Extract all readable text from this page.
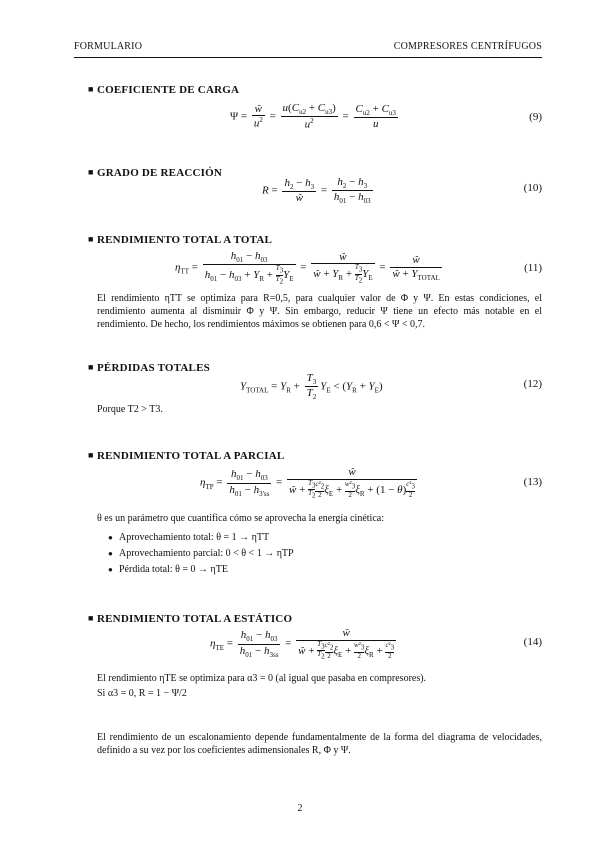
FORMULARIO	COMPRESORES CENTRÍFUGOS
■ COEFICIENTE DE CARGA
$\Psi = \frac{ŵ}{u^2} = \frac{u(C_{u2} + C_{u3})}{u^2} = \frac{C_{u2} + C_{u3}}{u}$	(9)
■ GRADO DE REACCIÓN
$R = \frac{h_2 - h_3}{ŵ} = \frac{h_2 - h_3}{h_{01} - h_{03}}$	(10)
■ RENDIMIENTO TOTAL A TOTAL
$\eta_{TT} = \frac{h_{01} - h_{03}}{h_{01} - h_{03} + Y_R + \frac{T_3}{T_2} Y_E} = \frac{ŵ}{ŵ + Y_R + \frac{T_3}{T_2} Y_E} = \frac{ŵ}{ŵ + Y_{TOTAL}}$	(11)
El rendimiento ηTT se optimiza para R=0,5, para cualquier valor de Φ y Ψ. En estas condiciones, el rendimiento aumenta al disminuir Φ y Ψ. Sin embargo, reducir Ψ tiene un efecto más notable en el rendimiento. De hecho, los rendimientos máximos se obtienen para 0,6 < Ψ < 0,7.
■ PÉRDIDAS TOTALES
$Y_{TOTAL} = Y_R + \frac{T_3}{T_2} Y_E < (Y_R + Y_E)$	(12)
Porque T2 > T3.
■ RENDIMIENTO TOTAL A PARCIAL
$\eta_{TP} = \frac{h_{01} - h_{03}}{h_{01} - h_{3'ss}} = \frac{ŵ}{ŵ + \frac{T_3}{T_2} \frac{c^2_2}{2} \xi_E + \frac{w^2_3}{2} \xi_R + (1 - \theta) \frac{c^2_3}{2}}$	(13)
θ es un parámetro que cuantifica cómo se aprovecha la energía cinética:
● Aprovechamiento total: θ = 1 → ηTT
● Aprovechamiento parcial: 0 < θ < 1 → ηTP
● Pérdida total: θ = 0 → ηTE
■ RENDIMIENTO TOTAL A ESTÁTICO
$\eta_{TE} = \frac{h_{01} - h_{03}}{h_{01} - h_{3ss}} = \frac{ŵ}{ŵ + \frac{T_3}{T_2} \frac{c^2_2}{2} \xi_E + \frac{w^2_3}{2} \xi_R + \frac{c^2_3}{2}}$	(14)
El rendimiento ηTE se optimiza para α3 = 0 (al igual que pasaba en compresores).
Si α3 = 0, R = 1 − Ψ/2
El rendimiento de un escalonamiento depende fundamentalmente de la forma del diagrama de velocidades, definido a su vez por los coeficientes adimensionales R, Φ y Ψ.
2
